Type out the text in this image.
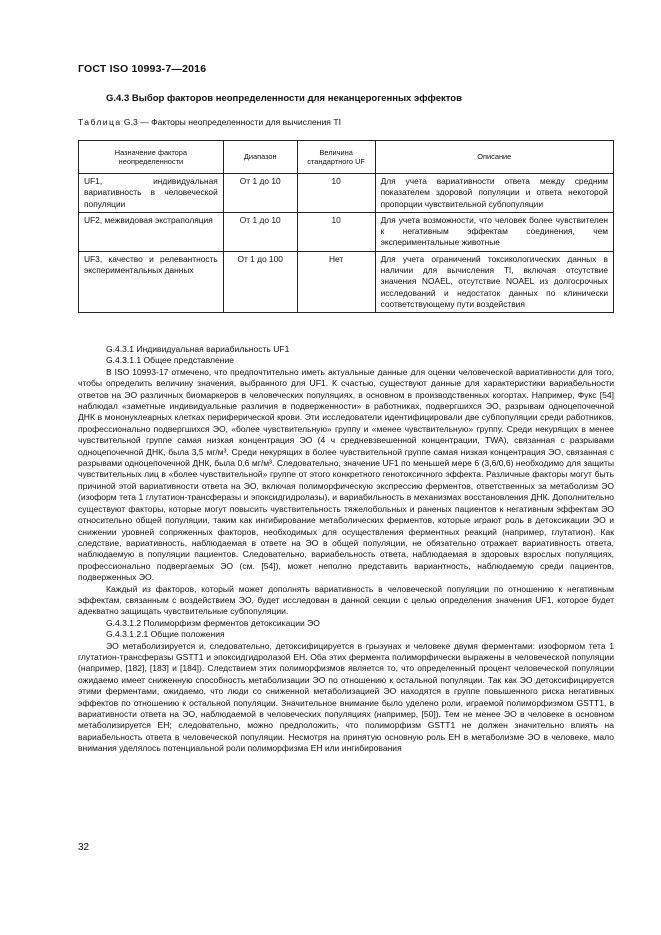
ГОСТ ISO 10993-7—2016
G.4.3 Выбор факторов неопределенности для неканцерогенных эффектов
Таблица G.3 — Факторы неопределенности для вычисления TI
Назначение фактора неопределенности	Диапазон	Величина стандартного UF	Описание
UF1, индивидуальная вариативность в человеческой популяции	От 1 до 10	10	Для учета вариативности ответа между средним показателем здоровой популяции и ответа некоторой пропорции чувствительной субпопуляции
UF2, межвидовая экстраполяция	От 1 до 10	10	Для учета возможности, что человек более чувствителен к негативным эффектам соединения, чем экспериментальные животные
UF3, качество и релевантность экспериментальных данных	От 1 до 100	Нет	Для учета ограничений токсикологических данных в наличии для вычисления TI, включая отсутствие значения NOAEL, отсутствие NOAEL из долгосрочных исследований и недостаток данных по клинически соответствующему пути воздействия

G.4.3.1 Индивидуальная вариабильность UF1

G.4.3.1.1 Общее представление

В ISO 10993-17 отмечено, что предпочтительно иметь актуальные данные для оценки человеческой вариативности для того, чтобы определить величину значения, выбранного для UF1. К счастью, существуют данные для характеристики вариабельности ответов на ЭО различных биомаркеров в человеческих популяциях, в основном в производственных когортах. Например, Фукс [54] наблюдал «заметные индивидуальные различия в подверженности» в работниках, подвергшихся ЭО, разрывам одноцепочечной ДНК в мононуклеарных клетках периферической крови. Эти исследователи идентифицировали две субпопуляции среди работников, профессионально подвергшихся ЭО, «более чувствительную» группу и «менее чувствительную» группу. Среди некурящих в менее чувствительной группе самая низкая концентрация ЭО (4 ч средневзвешенной концентрации, TWA), связанная с разрывами одноцепочечной ДНК, была 3,5 мг/м³. Среди некурящих в более чувствительной группе самая низкая концентрация ЭО, связанная с разрывами одноцепочечной ДНК, была 0,6 мг/м³. Следовательно, значение UF1 по меньшей мере 6 (3,6/0,6) необходимо для защиты чувствительных лиц в «более чувствительной» группе от этого конкретного генотоксичного эффекта. Различные факторы могут быть причиной этой вариативности ответа на ЭО, включая полиморфическую экспрессию ферментов, ответственных за метаболизм ЭО (изоформ тета 1 глутатион-трансферазы и эпоксидгидролазы), и вариабильность в механизмах восстановления ДНК. Дополнительно существуют факторы, которые могут повысить чувствительность тяжелобольных и раненых пациентов к негативным эффектам ЭО относительно общей популяции, таким как ингибирование метаболических ферментов, которые играют роль в детоксикации ЭО и снижении уровней сопряженных факторов, необходимых для осуществления ферментных реакций (например, глутатион). Как следствие, вариативность, наблюдаемая в ответе на ЭО в общей популяции, не обязательно отражает вариативность ответа, наблюдаемую в популяции пациентов. Следовательно, вариабельность ответа, наблюдаемая в здоровых взрослых популяциях, профессионально подвергаемых ЭО (см. [54]), может неполно представить вариантность, наблюдаемую среди пациентов, подверженных ЭО.

Каждый из факторов, который может дополнять вариативность в человеческой популяции по отношению к негативным эффектам, связанным с воздействием ЭО, будет исследован в данной секции с целью определения значения UF1, которое будет адекватно защищать чувствительные субпопуляции.

G.4.3.1.2 Полиморфизм ферментов детоксикации ЭО

G.4.3.1.2.1 Общие положения

ЭО метаболизируется и, следовательно, детоксифицируется в грызунах и человеке двумя ферментами: изоформом тета 1 глутатион-трансферазы GSTT1 и эпоксидгидролазой ЕН. Оба этих фермента полиморфически выражены в человеческой популяции (например, [182], [183] и [184]). Следствием этих полиморфизмов является то, что определенный процент человеческой популяции ожидаемо имеет сниженную способность метаболизации ЭО по отношению к остальной популяции. Так как ЭО детоксифицируется этими ферментами, ожидаемо, что люди со сниженной метаболизацией ЭО находятся в группе повышенного риска негативных эффектов по отношению к остальной популяции. Значительное внимание было уделено роли, играемой полиморфизмом GSTT1, в вариативности ответа на ЭО, наблюдаемой в человеческих популяциях (например, [50]). Тем не менее ЭО в человеке в основном метаболизируется ЕН; следовательно, можно предположить, что полиморфизм GSTT1 не должен значительно влиять на вариабельность ответа в человеческой популяции. Несмотря на принятую основную роль ЕН в метаболизме ЭО в человеке, мало внимания уделялось потенциальной роли полиморфизма ЕН или ингибирования

32
